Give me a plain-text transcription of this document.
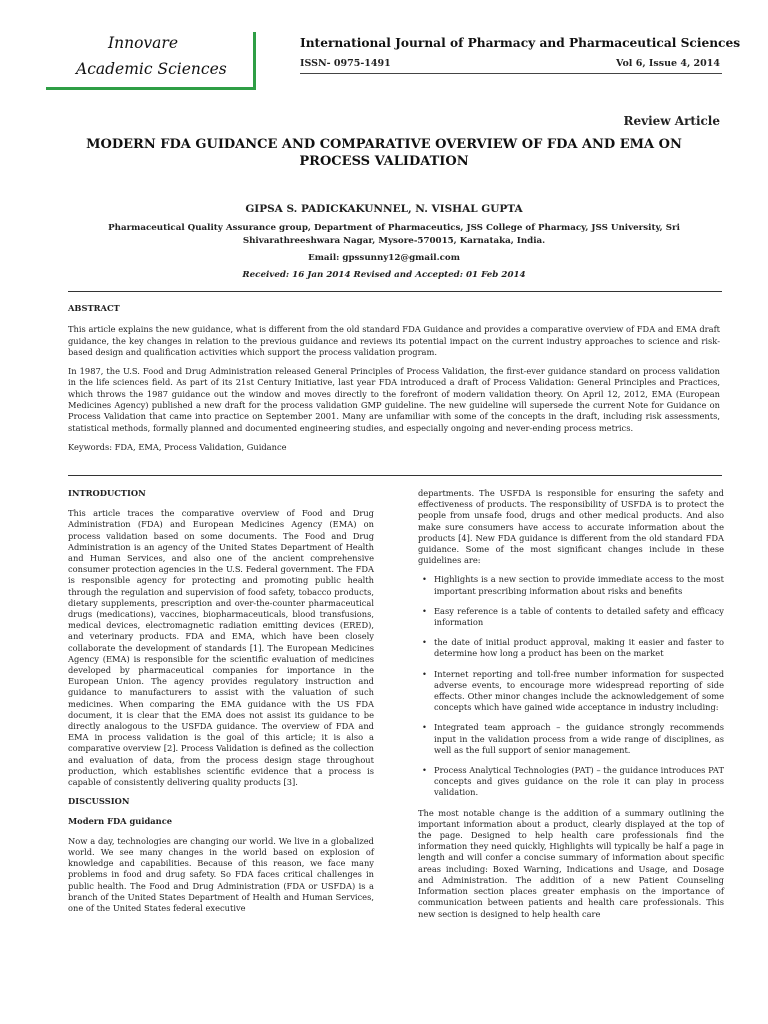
Innovare
Academic Sciences
International Journal of Pharmacy and Pharmaceutical Sciences
ISSN- 0975-1491	Vol 6, Issue 4, 2014
Review Article
MODERN FDA GUIDANCE AND COMPARATIVE OVERVIEW OF FDA AND EMA ON PROCESS VALIDATION
GIPSA S. PADICKAKUNNEL, N. VISHAL GUPTA
Pharmaceutical Quality Assurance group, Department of Pharmaceutics, JSS College of Pharmacy, JSS University, Sri Shivarathreeshwara Nagar, Mysore-570015, Karnataka, India.
Email: gpssunny12@gmail.com
Received: 16 Jan 2014 Revised and Accepted: 01 Feb 2014
ABSTRACT

This article explains the new guidance, what is different from the old standard FDA Guidance and provides a comparative overview of FDA and EMA draft guidance, the key changes in relation to the previous guidance and reviews its potential impact on the current industry approaches to science and risk-based design and qualification activities which support the process validation program.

In 1987, the U.S. Food and Drug Administration released General Principles of Process Validation, the first-ever guidance standard on process validation in the life sciences field. As part of its 21st Century Initiative, last year FDA introduced a draft of Process Validation: General Principles and Practices, which throws the 1987 guidance out the window and moves directly to the forefront of modern validation theory. On April 12, 2012, EMA (European Medicines Agency) published a new draft for the process validation GMP guideline. The new guideline will supersede the current Note for Guidance on Process Validation that came into practice on September 2001. Many are unfamiliar with some of the concepts in the draft, including risk assessments, statistical methods, formally planned and documented engineering studies, and especially ongoing and never-ending process metrics.

Keywords: FDA, EMA, Process Validation, Guidance

INTRODUCTION

This article traces the comparative overview of Food and Drug Administration (FDA) and European Medicines Agency (EMA) on process validation based on some documents. The Food and Drug Administration is an agency of the United States Department of Health and Human Services, and also one of the ancient comprehensive consumer protection agencies in the U.S. Federal government. The FDA is responsible agency for protecting and promoting public health through the regulation and supervision of food safety, tobacco products, dietary supplements, prescription and over-the-counter pharmaceutical drugs (medications), vaccines, biopharmaceuticals, blood transfusions, medical devices, electromagnetic radiation emitting devices (ERED), and veterinary products. FDA and EMA, which have been closely collaborate the development of standards [1]. The European Medicines Agency (EMA) is responsible for the scientific evaluation of medicines developed by pharmaceutical companies for importance in the European Union. The agency provides regulatory instruction and guidance to manufacturers to assist with the valuation of such medicines. When comparing the EMA guidance with the US FDA document, it is clear that the EMA does not assist its guidance to be directly analogous to the USFDA guidance. The overview of FDA and EMA in process validation is the goal of this article; it is also a comparative overview [2]. Process Validation is defined as the collection and evaluation of data, from the process design stage throughout production, which establishes scientific evidence that a process is capable of consistently delivering quality products [3].

DISCUSSION
Modern FDA guidance

Now a day, technologies are changing our world. We live in a globalized world. We see many changes in the world based on explosion of knowledge and capabilities. Because of this reason, we face many problems in food and drug safety. So FDA faces critical challenges in public health. The Food and Drug Administration (FDA or USFDA) is a branch of the United States Department of Health and Human Services, one of the United States federal executive

departments. The USFDA is responsible for ensuring the safety and effectiveness of products. The responsibility of USFDA is to protect the people from unsafe food, drugs and other medical products. And also make sure consumers have access to accurate information about the products [4]. New FDA guidance is different from the old standard FDA guidance. Some of the most significant changes include in these guidelines are:

• Highlights is a new section to provide immediate access to the most important prescribing information about risks and benefits
• Easy reference is a table of contents to detailed safety and efficacy information
• the date of initial product approval, making it easier and faster to determine how long a product has been on the market
• Internet reporting and toll-free number information for suspected adverse events, to encourage more widespread reporting of side effects. Other minor changes include the acknowledgement of some concepts which have gained wide acceptance in industry including:
• Integrated team approach – the guidance strongly recommends input in the validation process from a wide range of disciplines, as well as the full support of senior management.
• Process Analytical Technologies (PAT) – the guidance introduces PAT concepts and gives guidance on the role it can play in process validation.

The most notable change is the addition of a summary outlining the important information about a product, clearly displayed at the top of the page. Designed to help health care professionals find the information they need quickly, Highlights will typically be half a page in length and will confer a concise summary of information about specific areas including: Boxed Warning, Indications and Usage, and Dosage and Administration. The addition of a new Patient Counseling Information section places greater emphasis on the importance of communication between patients and health care professionals. This new section is designed to help health care
